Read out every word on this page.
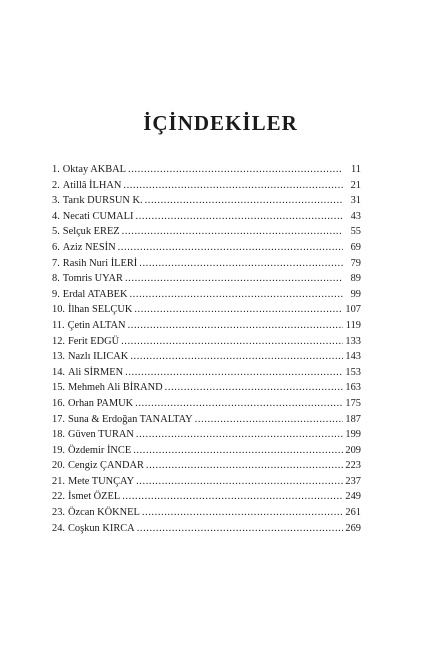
İÇİNDEKİLER
1. Oktay AKBAL .....	11
2. Atillâ İLHAN .....	21
3. Tarık DURSUN K. .....	31
4. Necati CUMALI .....	43
5. Selçuk EREZ .....	55
6. Aziz NESİN .....	69
7. Rasih Nuri İLERİ .....	79
8. Tomris UYAR .....	89
9. Erdal ATABEK .....	99
10. İlhan SELÇUK .....	107
11. Çetin ALTAN .....	119
12. Ferit EDGÜ .....	133
13. Nazlı ILICAK .....	143
14. Ali SİRMEN .....	153
15. Mehmeh Ali BİRAND .....	163
16. Orhan PAMUK .....	175
17. Suna & Erdoğan TANALTAY .....	187
18. Güven TURAN .....	199
19. Özdemir İNCE .....	209
20. Cengiz ÇANDAR .....	223
21. Mete TUNÇAY .....	237
22. İsmet ÖZEL .....	249
23. Özcan KÖKNEL .....	261
24. Coşkun KIRCA .....	269
